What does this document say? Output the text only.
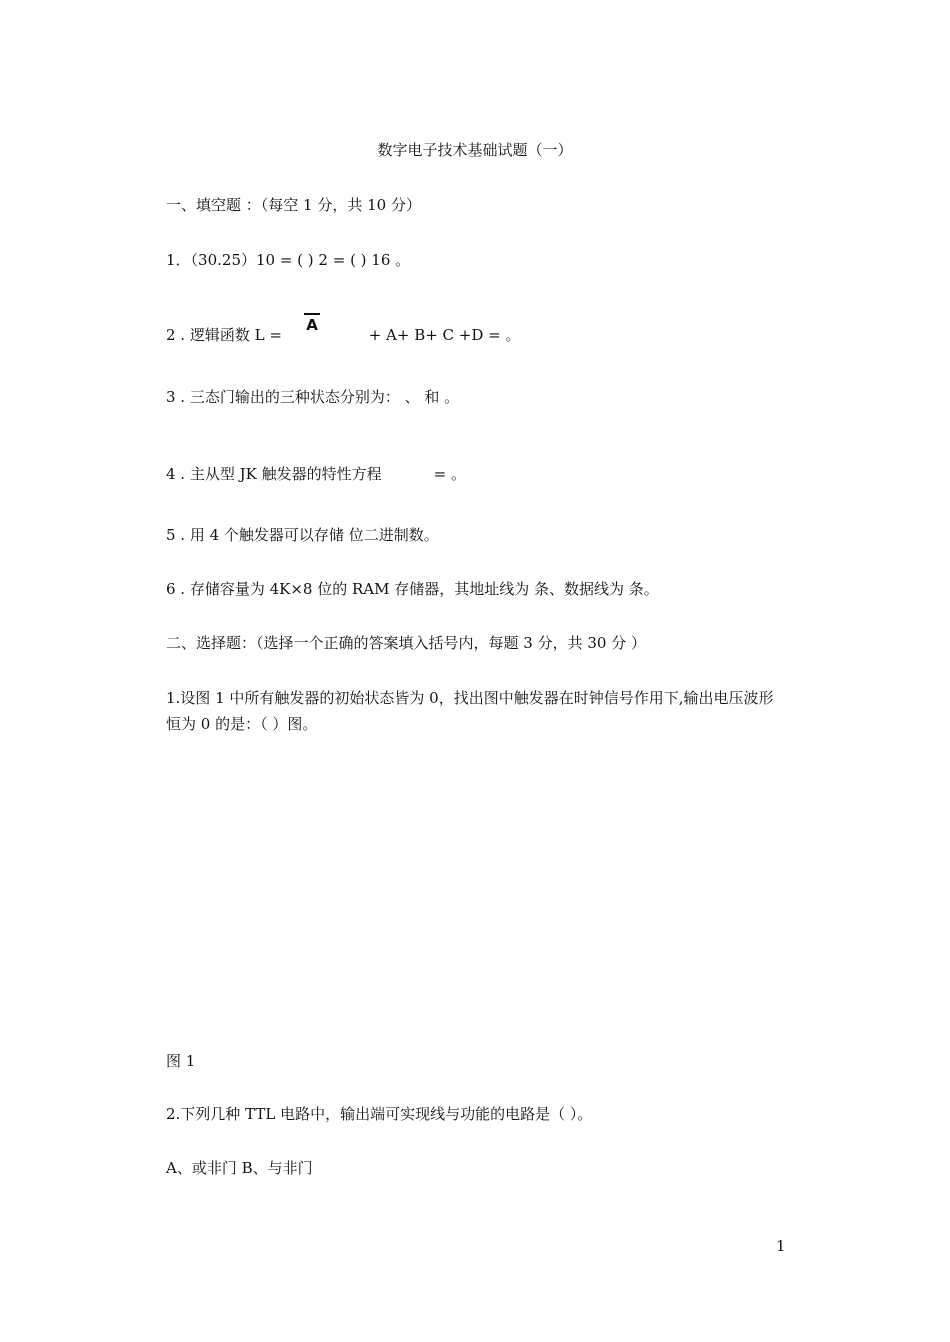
数字电子技术基础试题（一）
一、填空题 ：（每空 1 分，共 10 分）
1．（30.25）10 = ( ) 2 = ( ) 16 。
2 . 逻辑函数 L =	+ A+ B+ C +D = 。
A
3 . 三态门输出的三种状态分别为： 、 和 。
4 . 主从型 JK 触发器的特性方程	= 。
5 . 用 4 个触发器可以存储 位二进制数。
6 . 存储容量为 4K×8 位的 RAM 存储器，其地址线为 条、数据线为 条。
二、选择题：（选择一个正确的答案填入括号内，每题 3 分，共 30 分 ）
1.设图 1 中所有触发器的初始状态皆为 0，找出图中触发器在时钟信号作用下,输出电压波形恒为 0 的是：（ ）图。
图 1
2.下列几种 TTL 电路中，输出端可实现线与功能的电路是（ ）。
A、或非门 B、与非门
1
